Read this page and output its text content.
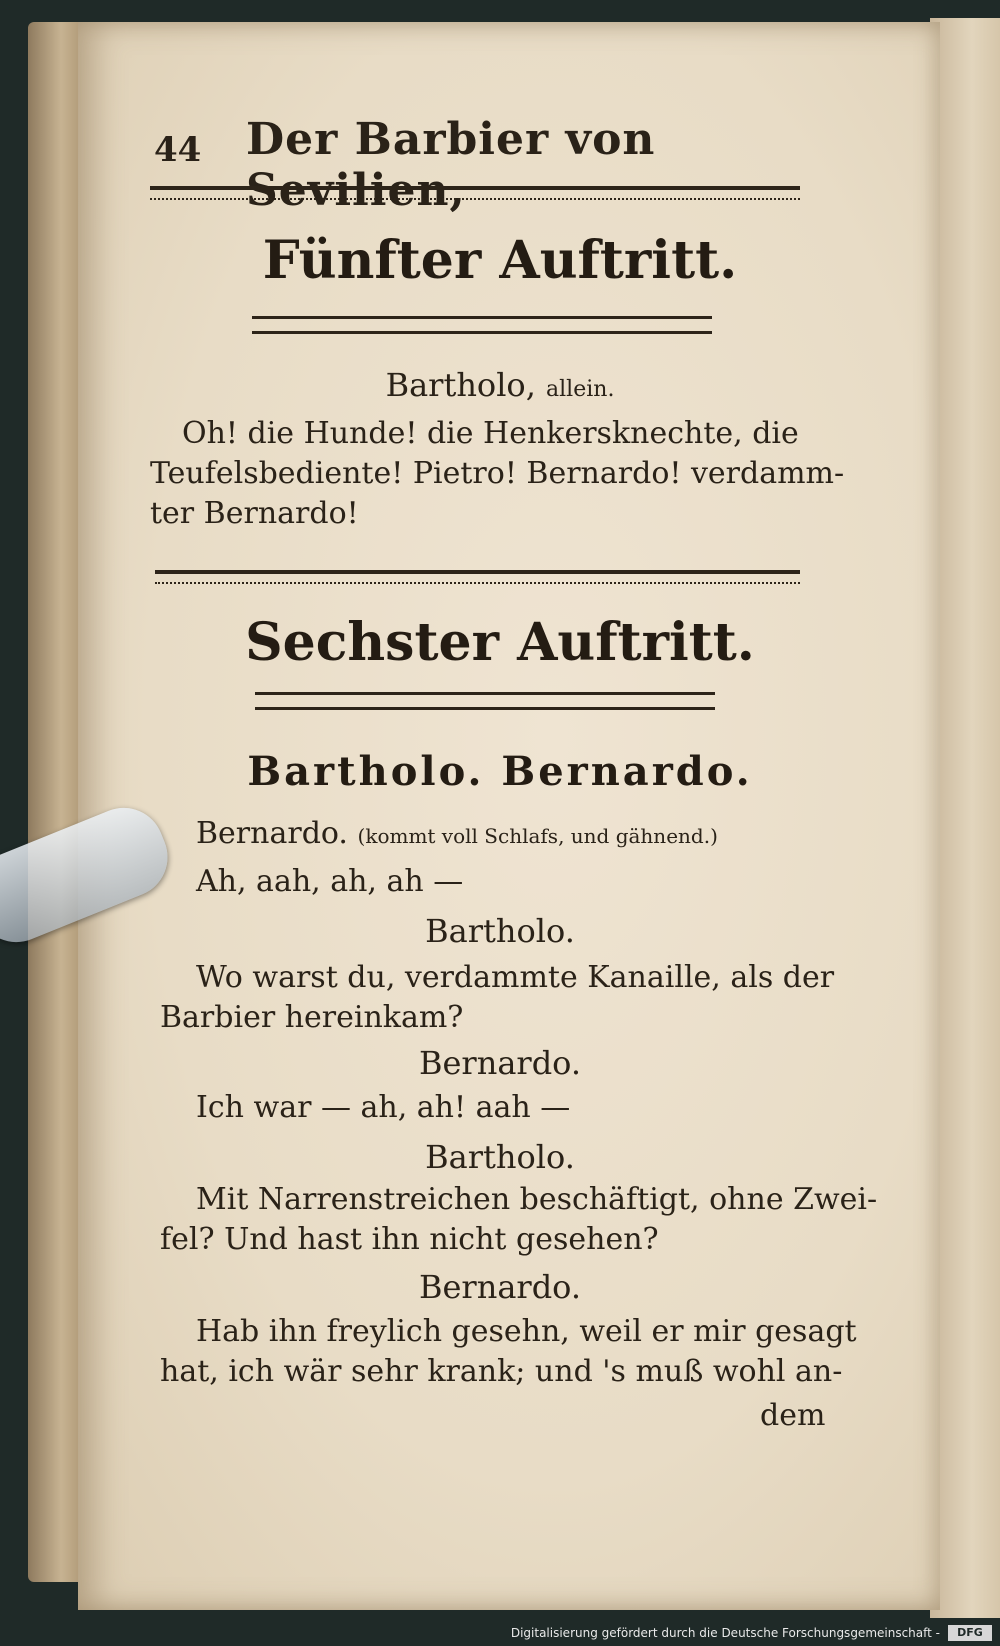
44 Der Barbier von Sevilien,
Fünfter Auftritt.
Bartholo, allein.
Oh! die Hunde! die Henkersknechte, die
Teufelsbediente! Pietro! Bernardo! verdamm-
ter Bernardo!
Sechster Auftritt.
Bartholo. Bernardo.
Bernardo. (kommt voll Schlafs, und gähnend.)
Ah, aah, ah, ah —
Bartholo.
Wo warst du, verdammte Kanaille, als der
Barbier hereinkam?
Bernardo.
Ich war — ah, ah! aah —
Bartholo.
Mit Narrenstreichen beschäftigt, ohne Zwei-
fel? Und hast ihn nicht gesehen?
Bernardo.
Hab ihn freylich gesehn, weil er mir gesagt
hat, ich wär sehr krank; und 's muß wohl an-
dem
Digitalisierung gefördert durch die Deutsche Forschungsgemeinschaft -	DFG
